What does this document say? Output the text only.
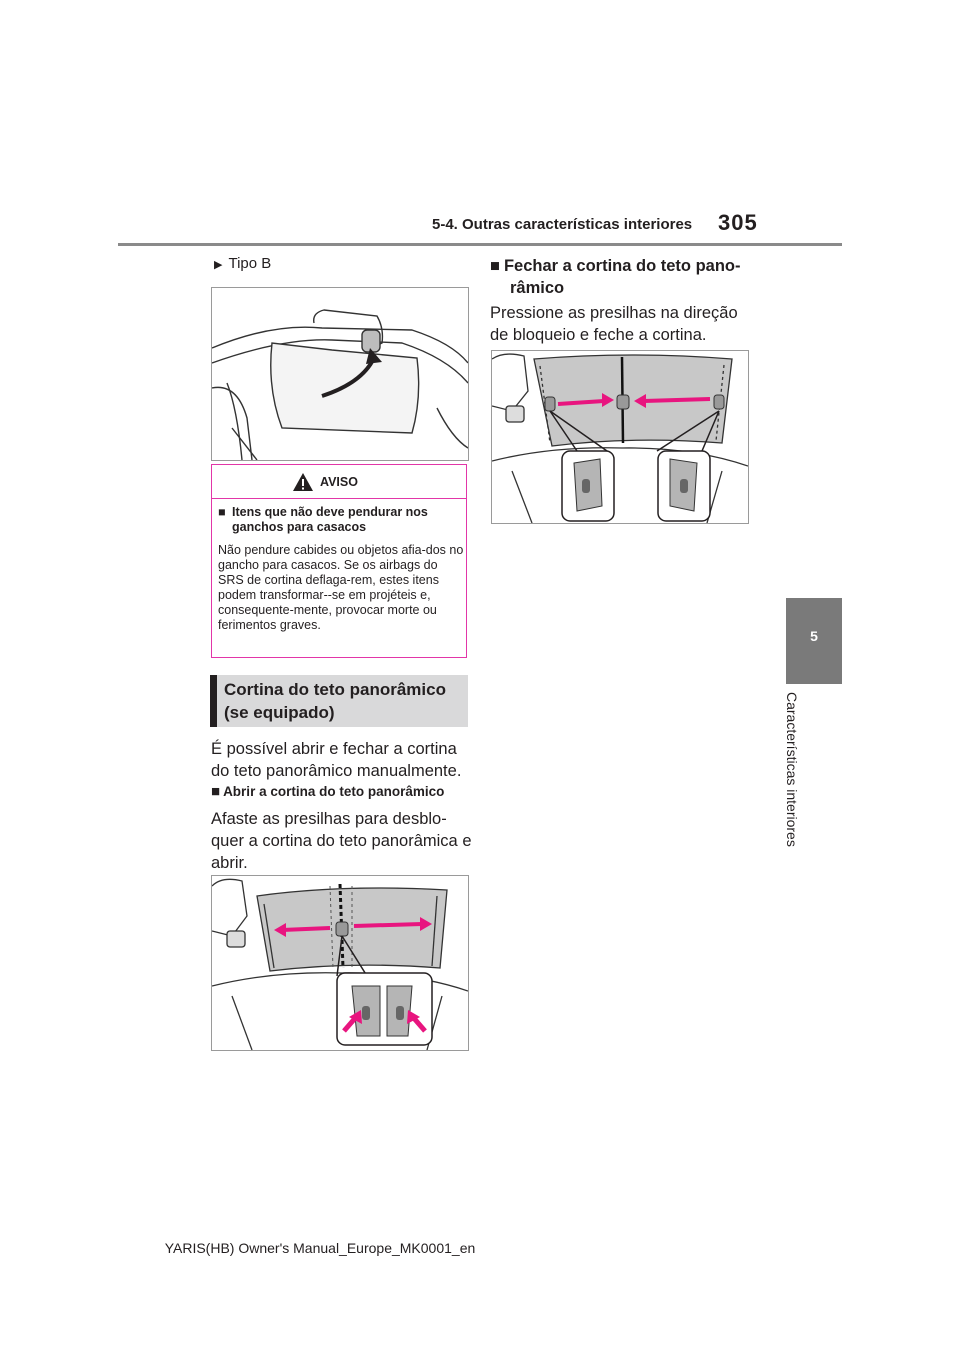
5-4. Outras características interiores 305
5
Características interiores
▶ Tipo B
AVISO
■ Itens que não deve pendurar nos ganchos para casacos
Não pendure cabides ou objetos afia-dos no gancho para casacos. Se os airbags do SRS de cortina deflaga-rem, estes itens podem transformar--se em projéteis e, consequente-mente, provocar morte ou ferimentos graves.
Cortina do teto panorâmico
(se equipado)
É possível abrir e fechar a cortina
do teto panorâmico manualmente.
■ Abrir a cortina do teto panorâmico
Afaste as presilhas para desblo-
quer a cortina do teto panorâmica e
abrir.
■ Fechar a cortina do teto pano-
râmico
Pressione as presilhas na direção
de bloqueio e feche a cortina.
YARIS(HB) Owner's Manual_Europe_MK0001_en
